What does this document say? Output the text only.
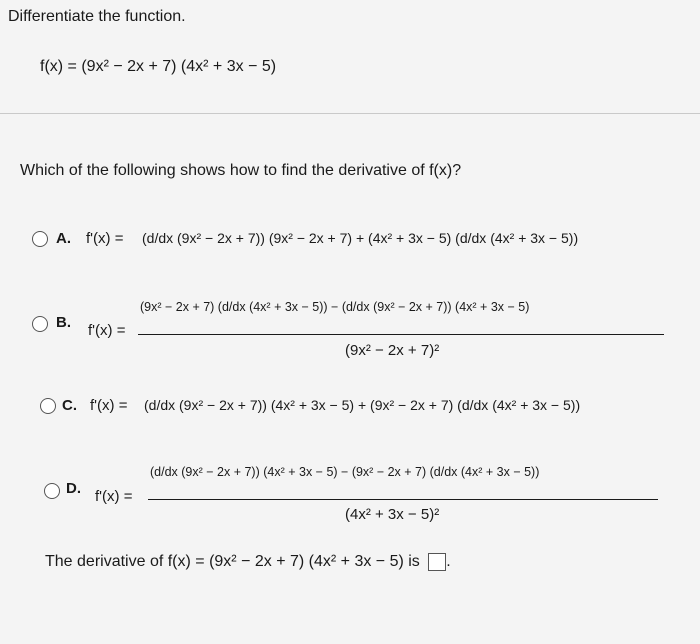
Differentiate the function.
f(x) = (9x² − 2x + 7) (4x² + 3x − 5)
Which of the following shows how to find the derivative of f(x)?
A. f'(x) = (d/dx (9x² − 2x + 7)) (9x² − 2x + 7) + (4x² + 3x − 5) (d/dx (4x² + 3x − 5))
B. f'(x) =
(9x² − 2x + 7) (d/dx (4x² + 3x − 5)) − (d/dx (9x² − 2x + 7)) (4x² + 3x − 5)
(9x² − 2x + 7)²
C. f'(x) = (d/dx (9x² − 2x + 7)) (4x² + 3x − 5) + (9x² − 2x + 7) (d/dx (4x² + 3x − 5))
D. f'(x) =
(d/dx (9x² − 2x + 7)) (4x² + 3x − 5) − (9x² − 2x + 7) (d/dx (4x² + 3x − 5))
(4x² + 3x − 5)²
The derivative of f(x) = (9x² − 2x + 7) (4x² + 3x − 5) is .
